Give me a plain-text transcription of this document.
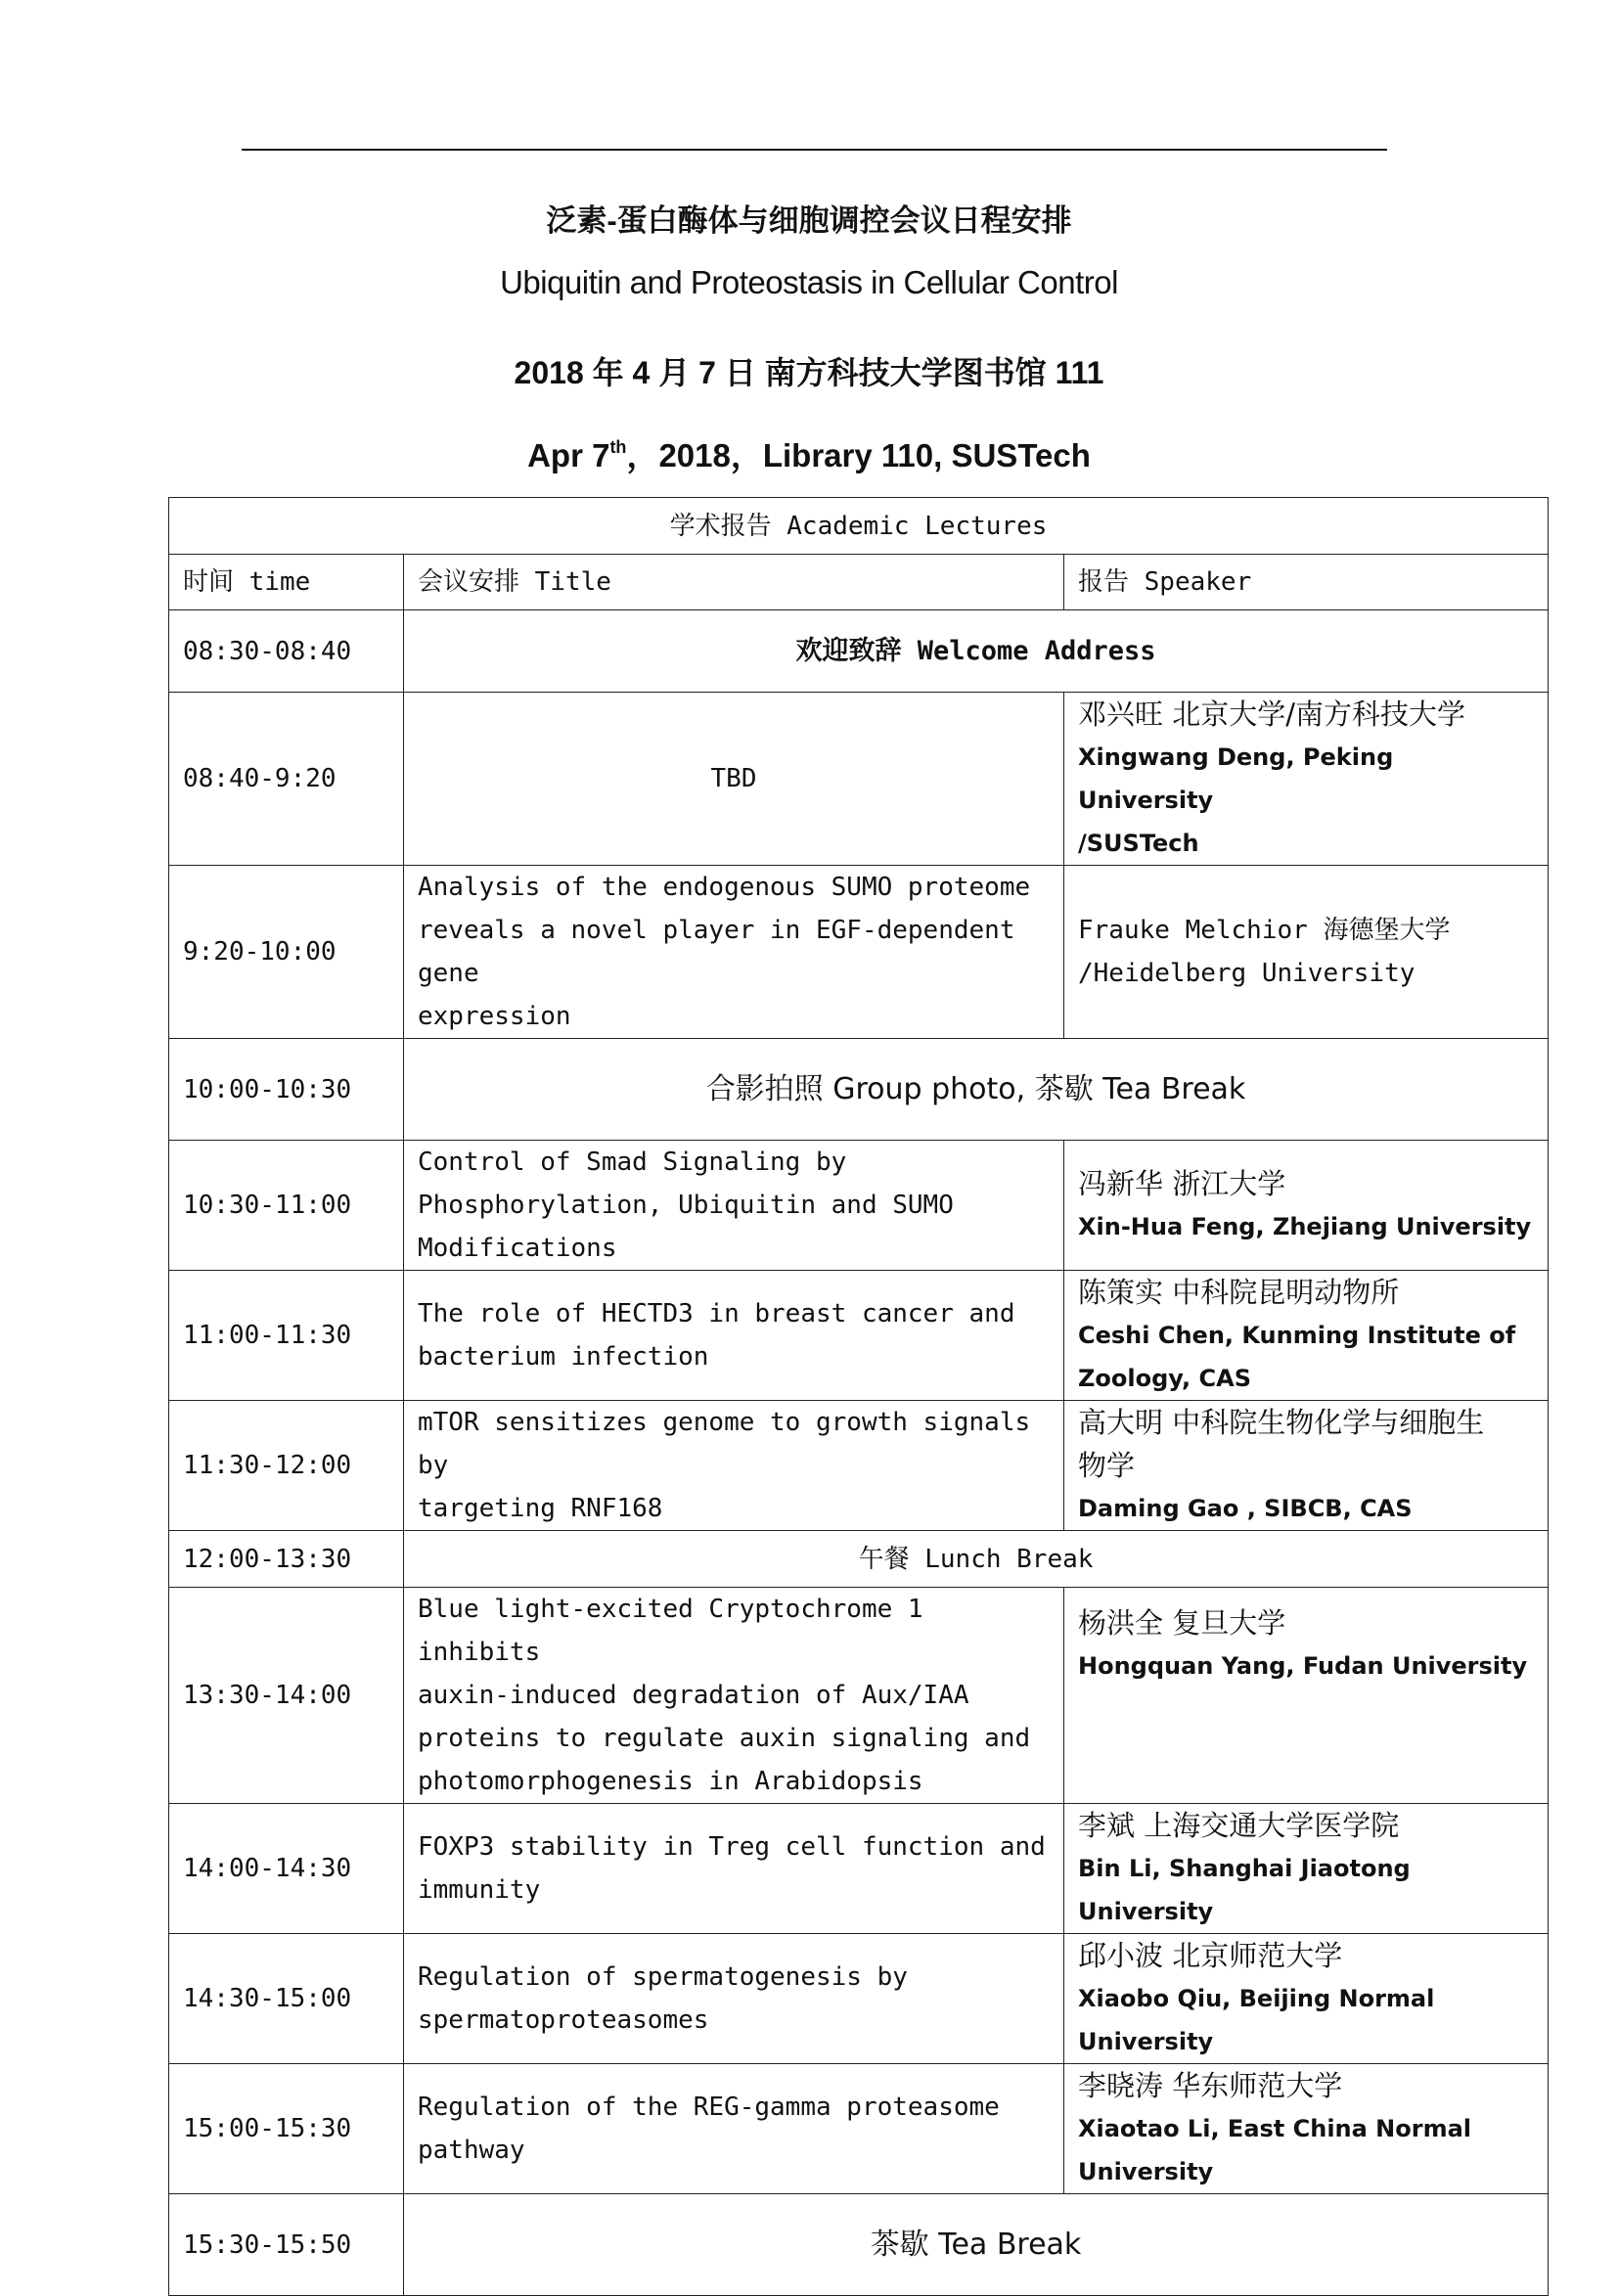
泛素-蛋白酶体与细胞调控会议日程安排
Ubiquitin and Proteostasis in Cellular Control
2018 年 4 月 7 日 南方科技大学图书馆 111
Apr 7th，2018，Library 110, SUSTech
学术报告 Academic Lectures		
时间 time	会议安排 Title	报告 Speaker
08:30-08:40	欢迎致辞 Welcome Address	
08:40-9:20	TBD	邓兴旺 北京大学/南方科技大学
Xingwang Deng, Peking University
/SUSTech

9:20-10:00	Analysis of the endogenous SUMO proteome
reveals a novel player in EGF-dependent gene
expression	Frauke Melchior 海德堡大学
/Heidelberg University

10:00-10:30	合影拍照 Group photo, 茶歇 Tea Break	
10:30-11:00	Control of Smad Signaling by
Phosphorylation, Ubiquitin and SUMO
Modifications	冯新华 浙江大学
Xin-Hua Feng, Zhejiang University

11:00-11:30	The role of HECTD3 in breast cancer and
bacterium infection	陈策实 中科院昆明动物所
Ceshi Chen, Kunming Institute of
Zoology, CAS

11:30-12:00	mTOR sensitizes genome to growth signals by
targeting RNF168	高大明 中科院生物化学与细胞生
物学
Daming Gao , SIBCB, CAS

12:00-13:30	午餐 Lunch Break	
13:30-14:00	Blue light-excited Cryptochrome 1 inhibits
auxin-induced degradation of Aux/IAA
proteins to regulate auxin signaling and
photomorphogenesis in Arabidopsis	杨洪全 复旦大学
Hongquan Yang, Fudan University

14:00-14:30	FOXP3 stability in Treg cell function and
immunity	李斌 上海交通大学医学院
Bin Li, Shanghai Jiaotong University

14:30-15:00	Regulation of spermatogenesis by
spermatoproteasomes	邱小波 北京师范大学
Xiaobo Qiu, Beijing Normal University

15:00-15:30	Regulation of the REG-gamma proteasome
pathway	李晓涛 华东师范大学
Xiaotao Li, East China Normal
University

15:30-15:50	茶歇 Tea Break	
